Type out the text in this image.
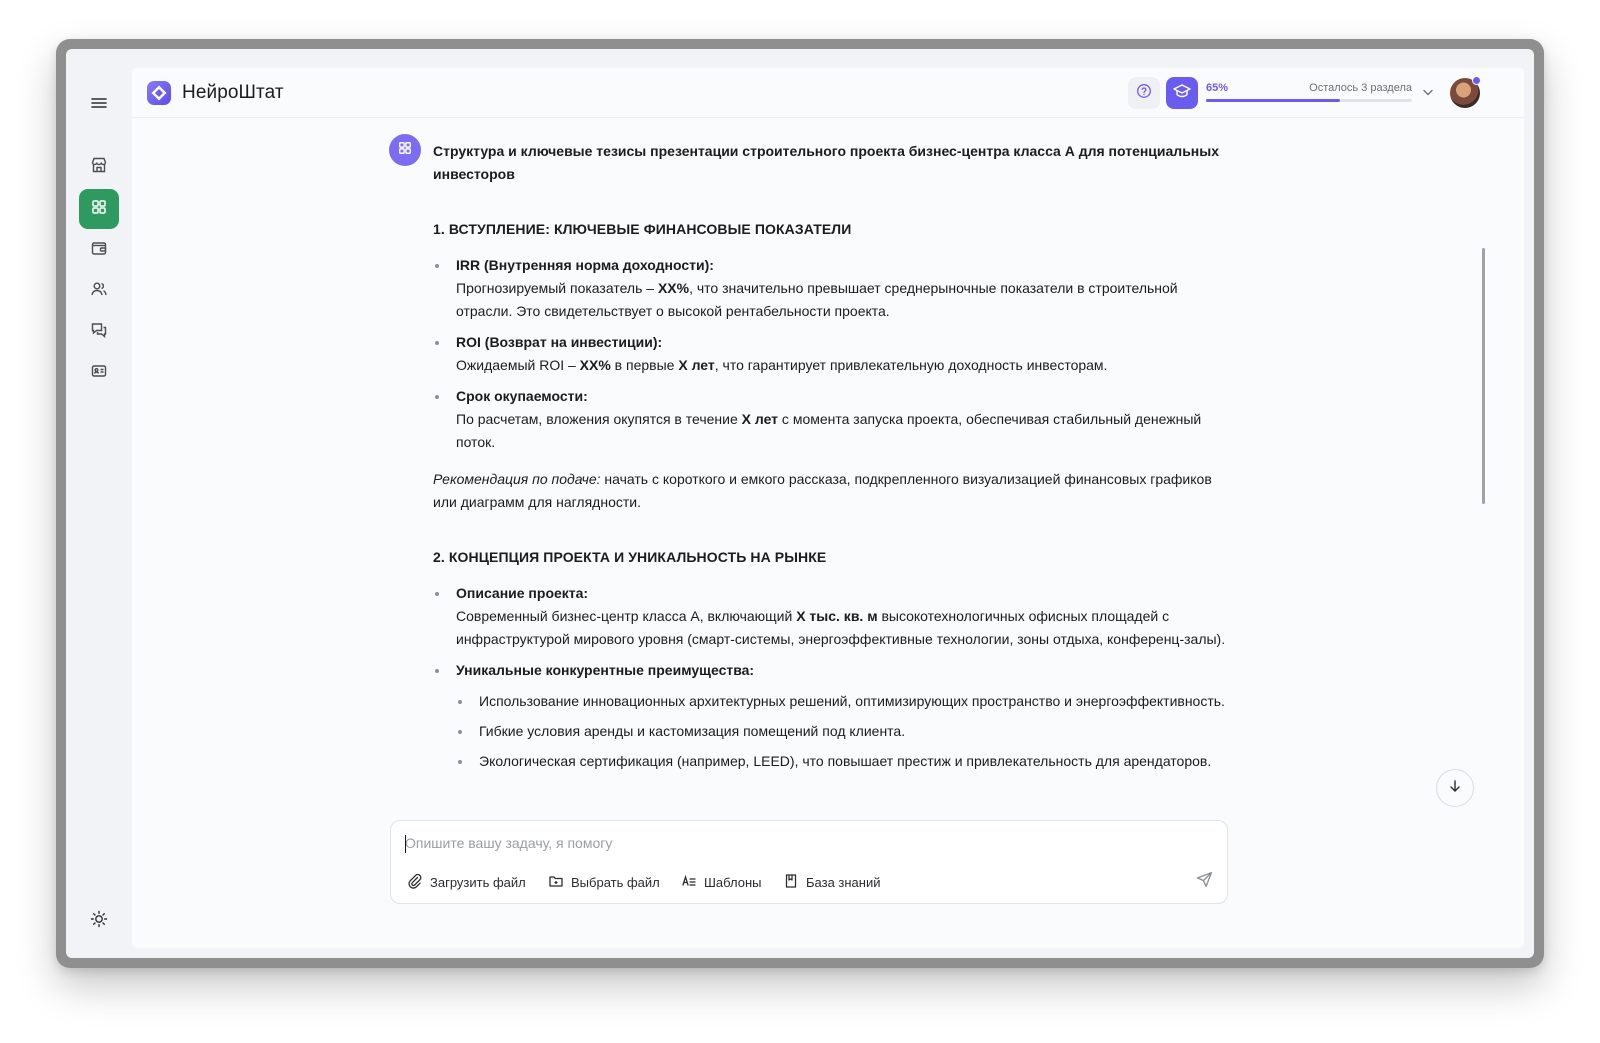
НейроШтат	65%	Осталось 3 раздела
Структура и ключевые тезисы презентации строительного проекта бизнес-центра класса А для потенциальных инвесторов
1. ВСТУПЛЕНИЕ: КЛЮЧЕВЫЕ ФИНАНСОВЫЕ ПОКАЗАТЕЛИ
IRR (Внутренняя норма доходности):
Прогнозируемый показатель – XX%, что значительно превышает среднерыночные показатели в строительной отрасли. Это свидетельствует о высокой рентабельности проекта.
ROI (Возврат на инвестиции):
Ожидаемый ROI – XX% в первые X лет, что гарантирует привлекательную доходность инвесторам.
Срок окупаемости:
По расчетам, вложения окупятся в течение X лет с момента запуска проекта, обеспечивая стабильный денежный поток.
Рекомендация по подаче: начать с короткого и емкого рассказа, подкрепленного визуализацией финансовых графиков или диаграмм для наглядности.
2. КОНЦЕПЦИЯ ПРОЕКТА И УНИКАЛЬНОСТЬ НА РЫНКЕ
Описание проекта:
Современный бизнес-центр класса А, включающий X тыс. кв. м высокотехнологичных офисных площадей с инфраструктурой мирового уровня (смарт-системы, энергоэффективные технологии, зоны отдыха, конференц-залы).
Уникальные конкурентные преимущества:
Использование инновационных архитектурных решений, оптимизирующих пространство и энергоэффективность.
Гибкие условия аренды и кастомизация помещений под клиента.
Экологическая сертификация (например, LEED), что повышает престиж и привлекательность для арендаторов.
Опишите вашу задачу, я помогу
Загрузить файл	Выбрать файл	Шаблоны	База знаний
